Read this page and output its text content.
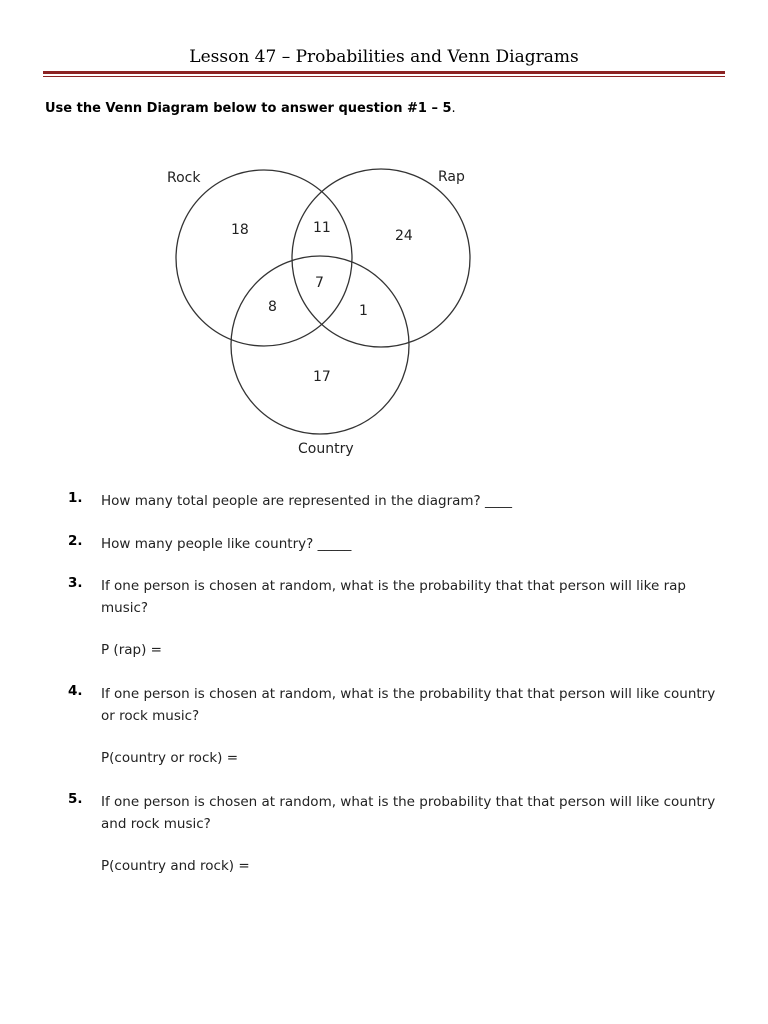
Lesson 47 – Probabilities and Venn Diagrams
Use the Venn Diagram below to answer question #1 – 5.
Rock	Rap
Country
18	11	24
7
8	1
17
1. How many total people are represented in the diagram? ____
2. How many people like country? _____
3. If one person is chosen at random, what is the probability that that person will like rap music?
P (rap) =
4. If one person is chosen at random, what is the probability that that person will like country or rock music?
P(country or rock) =
5. If one person is chosen at random, what is the probability that that person will like country and rock music?
P(country and rock) =
